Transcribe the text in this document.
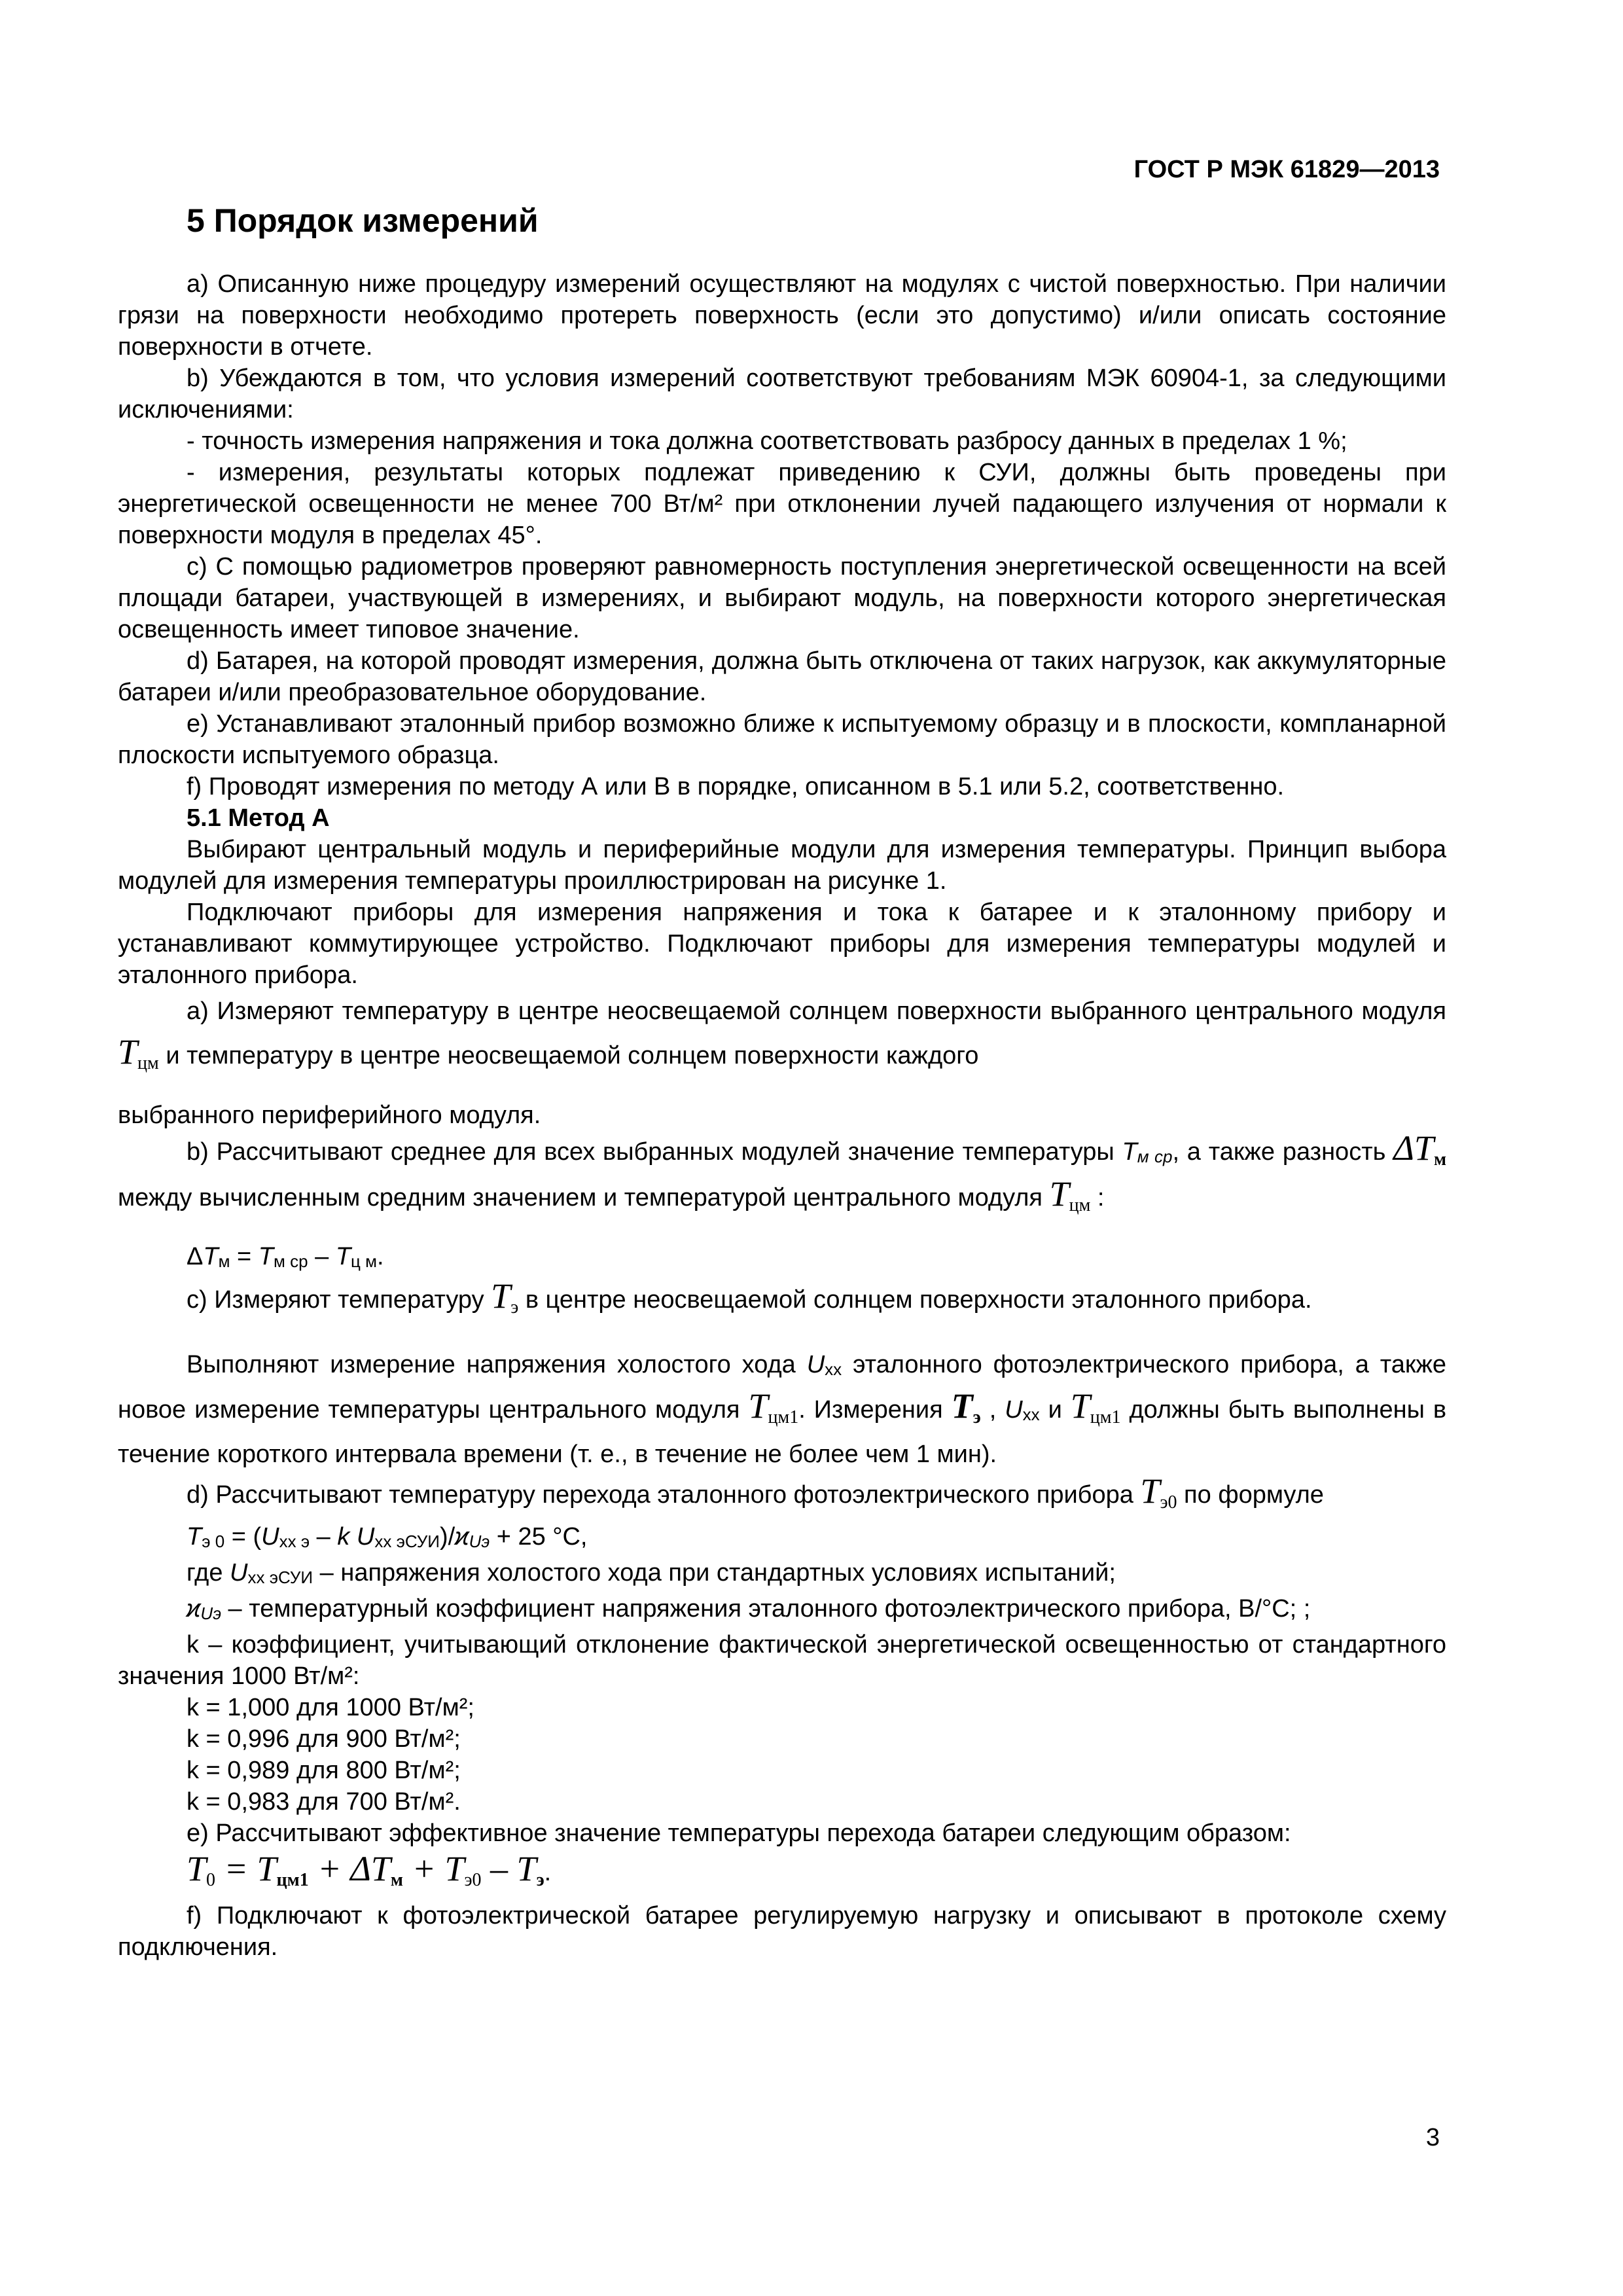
ГОСТ Р МЭК 61829—2013
5 Порядок измерений

а) Описанную ниже процедуру измерений осуществляют на модулях с чистой поверхностью. При наличии грязи на поверхности необходимо протереть поверхность (если это допустимо) и/или описать состояние поверхности в отчете.

b) Убеждаются в том, что условия измерений соответствуют требованиям МЭК 60904-1, за следующими исключениями:

- точность измерения напряжения и тока должна соответствовать разбросу данных в пределах 1 %;

- измерения, результаты которых подлежат приведению к СУИ, должны быть проведены при энергетической освещенности не менее 700 Вт/м² при отклонении лучей падающего излучения от нормали к поверхности модуля в пределах 45°.

с) С помощью радиометров проверяют равномерность поступления энергетической освещенности на всей площади батареи, участвующей в измерениях, и выбирают модуль, на поверхности которого энергетическая освещенность имеет типовое значение.

d) Батарея, на которой проводят измерения, должна быть отключена от таких нагрузок, как аккумуляторные батареи и/или преобразовательное оборудование.

е) Устанавливают эталонный прибор возможно ближе к испытуемому образцу и в плоскости, компланарной плоскости испытуемого образца.

f) Проводят измерения по методу А или В в порядке, описанном в 5.1 или 5.2, соответственно.

5.1 Метод А

Выбирают центральный модуль и периферийные модули для измерения температуры. Принцип выбора модулей для измерения температуры проиллюстрирован на рисунке 1.

Подключают приборы для измерения напряжения и тока к батарее и к эталонному прибору и устанавливают коммутирующее устройство. Подключают приборы для измерения температуры модулей и эталонного прибора.

а) Измеряют температуру в центре неосвещаемой солнцем поверхности выбранного центрального модуля Tцм и температуру в центре неосвещаемой солнцем поверхности каждого

выбранного периферийного модуля.

b) Рассчитывают среднее для всех выбранных модулей значение температуры Tм ср, а также разность ΔTм между вычисленным средним значением и температурой центрального модуля Tцм :

ΔTм = Tм ср – Tц м.

с) Измеряют температуру Tэ в центре неосвещаемой солнцем поверхности эталонного прибора.

Выполняют измерение напряжения холостого хода Uxx эталонного фотоэлектрического прибора, а также новое измерение температуры центрального модуля Tцм1. Измерения Tэ , Uxx и Tцм1 должны быть выполнены в течение короткого интервала времени (т. е., в течение не более чем 1 мин).

d) Рассчитывают температуру перехода эталонного фотоэлектрического прибора Tэ0 по формуле

Tэ 0 = (Uxx э – k Uxx эСУИ)/ϰUэ + 25 °С,

где Uхх эСУИ – напряжения холостого хода при стандартных условиях испытаний;

ϰUэ – температурный коэффициент напряжения эталонного фотоэлектрического прибора, В/°С; ;

k – коэффициент, учитывающий отклонение фактической энергетической освещенностью от стандартного значения 1000 Вт/м²:

k = 1,000 для 1000 Вт/м²;

k = 0,996 для 900 Вт/м²;

k = 0,989 для 800 Вт/м²;

k = 0,983 для 700 Вт/м².

е) Рассчитывают эффективное значение температуры перехода батареи следующим образом:

T0 = Tцм1 + ΔTм + Tэ0 – Tэ.

f) Подключают к фотоэлектрической батарее регулируемую нагрузку и описывают в протоколе схему подключения.

3
